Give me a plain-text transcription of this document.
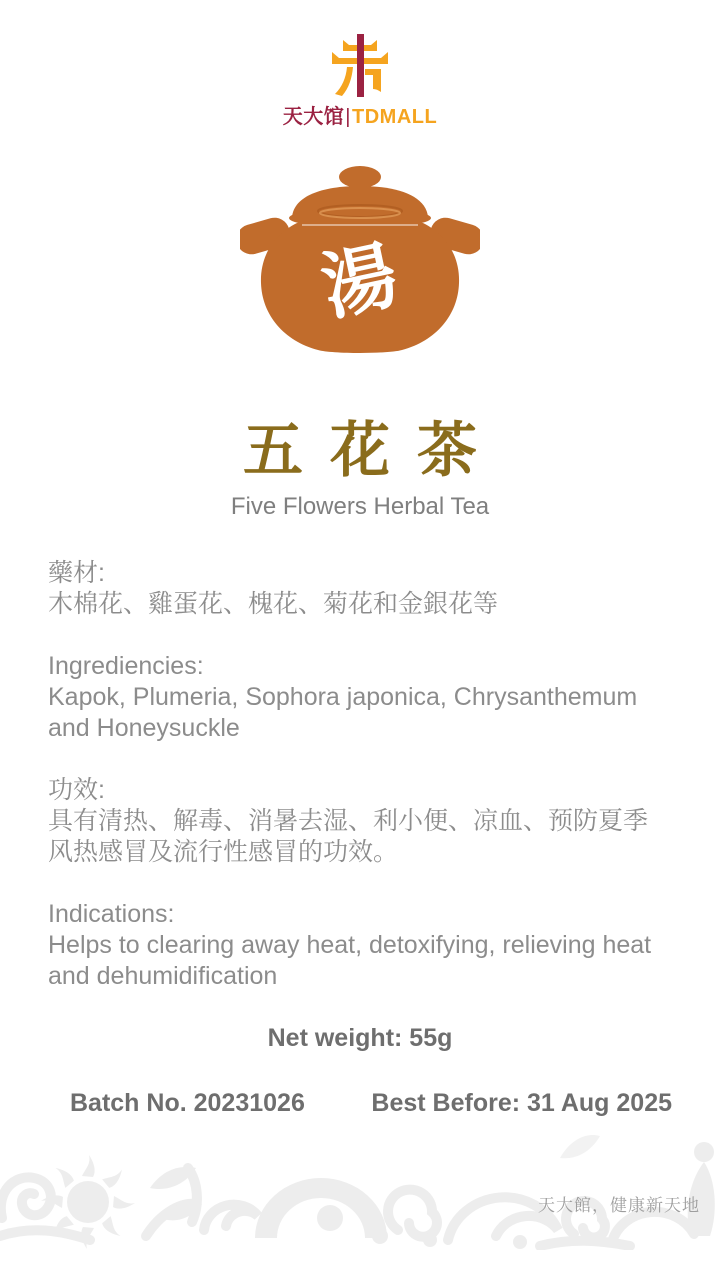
天大馆|TDMALL
湯
五花茶
Five Flowers Herbal Tea
藥材:
木棉花、雞蛋花、槐花、菊花和金銀花等
Ingrediencies:
Kapok, Plumeria, Sophora japonica, Chrysanthemum and Honeysuckle
功效:
具有清热、解毒、消暑去湿、利小便、凉血、预防夏季风热感冒及流行性感冒的功效。
Indications:
Helps to clearing away heat, detoxifying, relieving heat and dehumidification
Net weight: 55g
Batch No. 20231026	Best Before: 31 Aug 2025
天大館，健康新天地
